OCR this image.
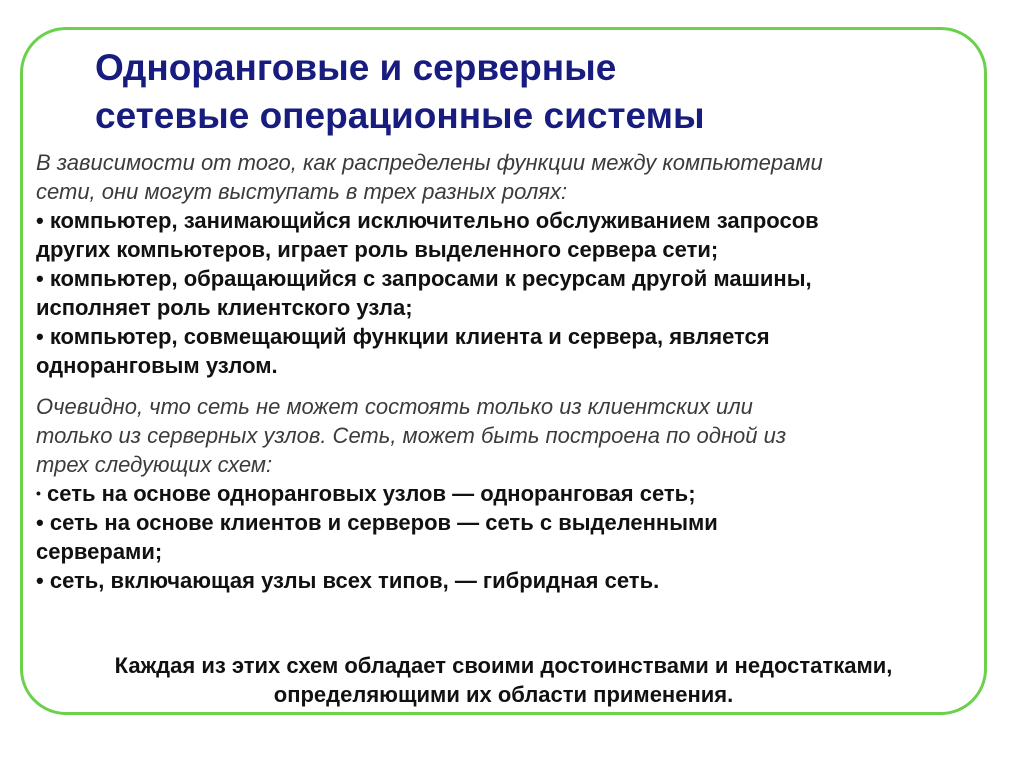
Одноранговые и серверные
сетевые операционные системы
В зависимости от того, как распределены функции между компьютерами
сети, они могут выступать в трех разных ролях:
• компьютер, занимающийся исключительно обслуживанием запросов
других компьютеров, играет роль выделенного сервера сети;
• компьютер, обращающийся с запросами к ресурсам другой машины,
исполняет роль клиентского узла;
• компьютер, совмещающий функции клиента и сервера, является
одноранговым узлом.
Очевидно, что сеть не может состоять только из клиентских или
только из серверных узлов. Сеть, может быть построена по одной из
трех следующих схем:
• сеть на основе одноранговых узлов — одноранговая сеть;
• сеть на основе клиентов и серверов — сеть с выделенными
серверами;
• сеть, включающая узлы всех типов, — гибридная сеть.
Каждая из этих схем обладает своими достоинствами и недостатками,
определяющими их области применения.
